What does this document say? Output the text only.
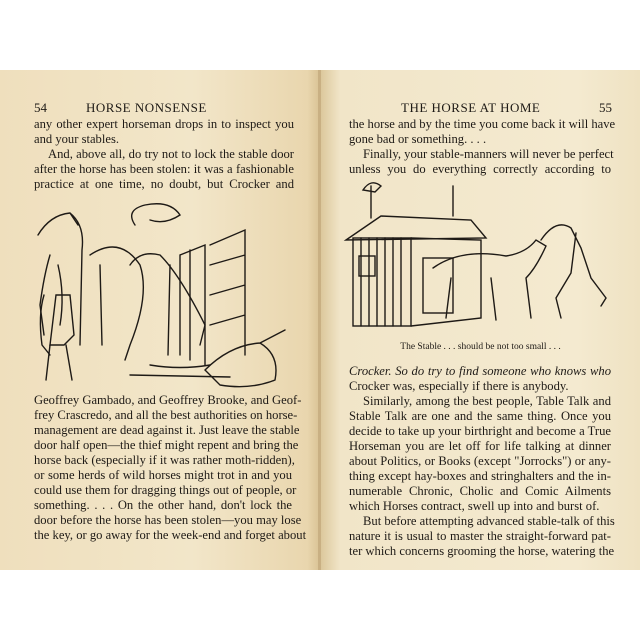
54	HORSE NONSENSE
any other expert horseman drops in to inspect you
and your stables.
And, above all, do try not to lock the stable door
after the horse has been stolen: it was a fashionable
practice at one time, no doubt, but Crocker and
Geoffrey Gambado, and Geoffrey Brooke, and Geof-
frey Crascredo, and all the best authorities on horse-
management are dead against it. Just leave the stable
door half open—the thief might repent and bring the
horse back (especially if it was rather moth-ridden),
or some herds of wild horses might trot in and you
could use them for dragging things out of people, or
something. . . . On the other hand, don't lock the
door before the horse has been stolen—you may lose
the key, or go away for the week-end and forget about
THE HORSE AT HOME	55
the horse and by the time you come back it will have
gone bad or something. . . .
Finally, your stable-manners will never be perfect
unless you do everything correctly according to
The Stable . . . should be not too small . . .
Crocker. So do try to find someone who knows who
Crocker was, especially if there is anybody.
Similarly, among the best people, Table Talk and
Stable Talk are one and the same thing. Once you
decide to take up your birthright and become a True
Horseman you are let off for life talking at dinner
about Politics, or Books (except "Jorrocks") or any-
thing except hay-boxes and stringhalters and the in-
numerable Chronic, Cholic and Comic Ailments
which Horses contract, swell up into and burst of.
But before attempting advanced stable-talk of this
nature it is usual to master the straight-forward pat-
ter which concerns grooming the horse, watering the
